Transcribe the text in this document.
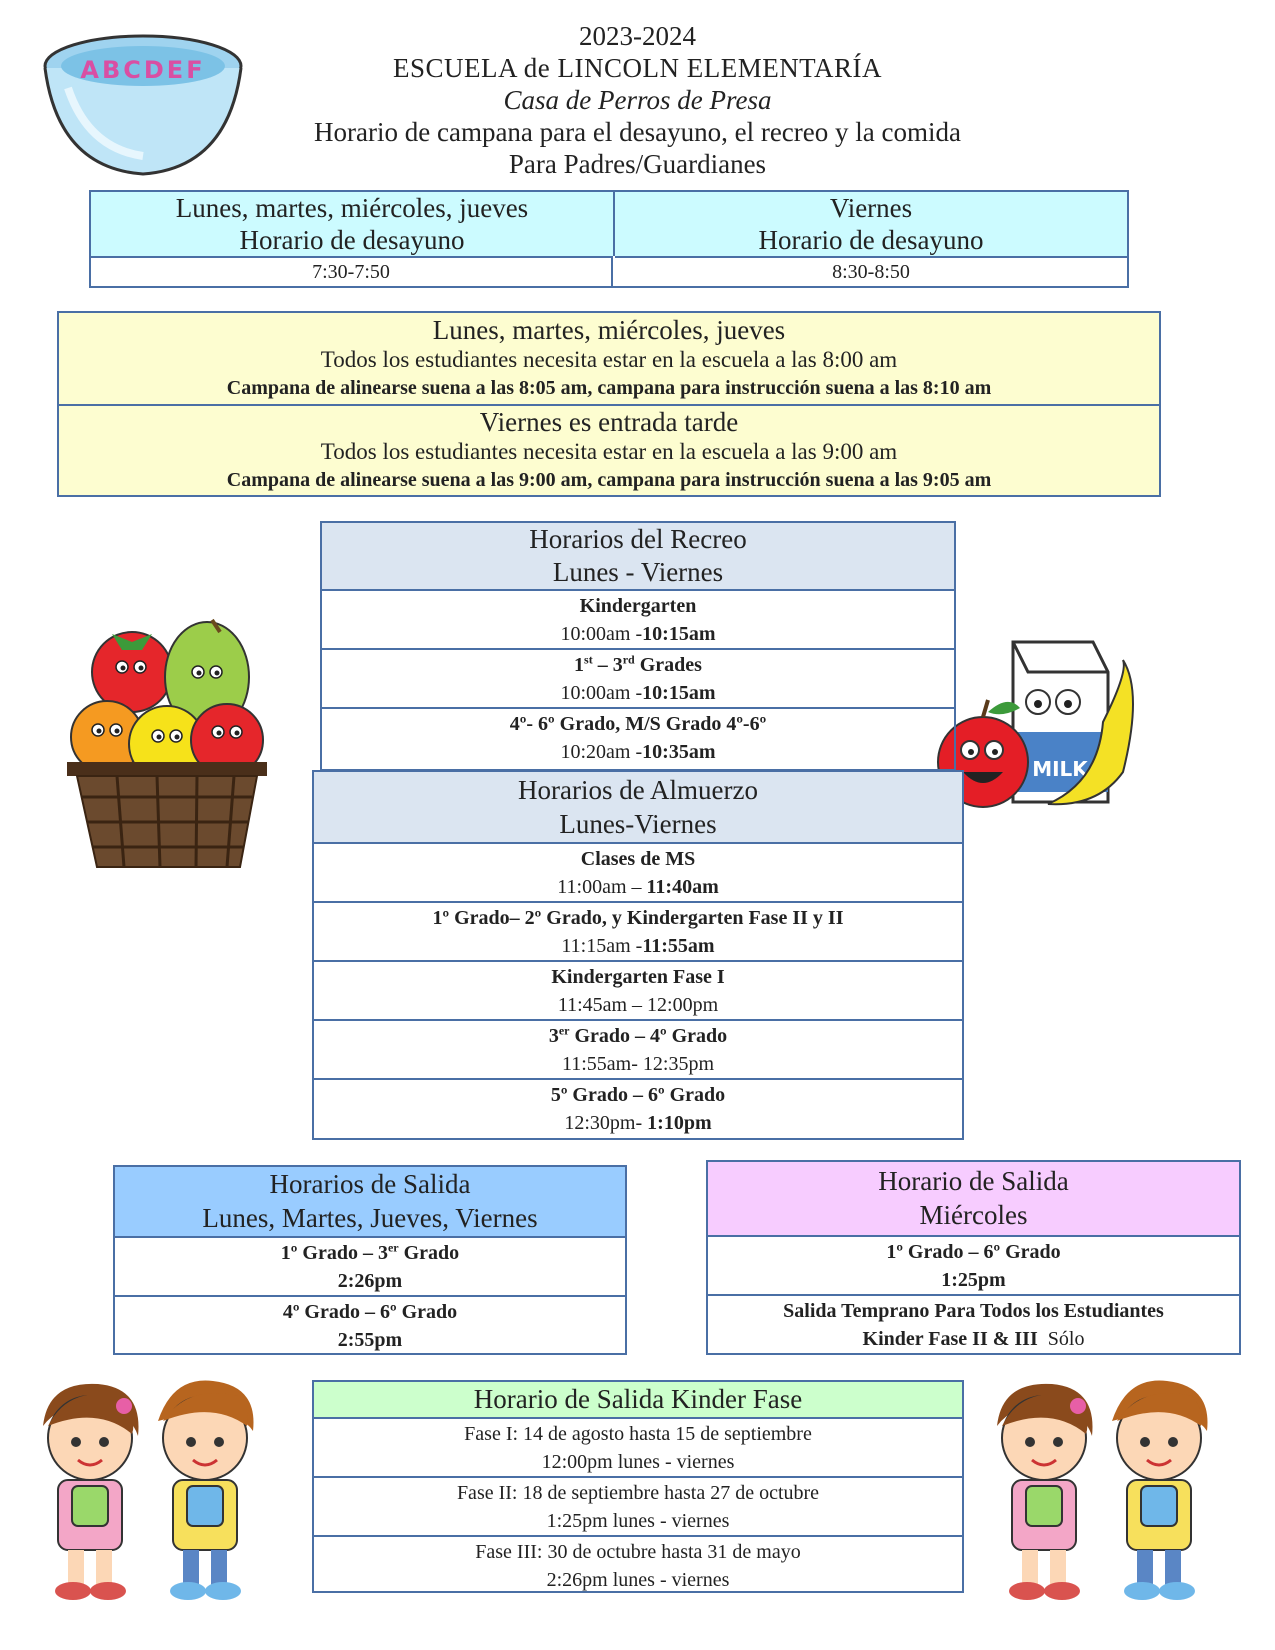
2023-2024
ESCUELA de LINCOLN ELEMENTARÍA
Casa de Perros de Presa
Horario de campana para el desayuno, el recreo y la comida
Para Padres/Guardianes
ABCDEF
Lunes, martes, miércoles, jueves
Horario de desayuno
Viernes
Horario de desayuno
7:30-7:50	8:30-8:50
Lunes, martes, miércoles, jueves
Todos los estudiantes necesita estar en la escuela a las 8:00 am
Campana de alinearse suena a las 8:05 am, campana para instrucción suena a las 8:10 am
Viernes es entrada tarde
Todos los estudiantes necesita estar en la escuela a las 9:00 am
Campana de alinearse suena a las 9:00 am, campana para instrucción suena a las 9:05 am
MILK
Horarios del Recreo
Lunes - Viernes
Kindergarten
10:00am -10:15am
1st – 3rd Grades
10:00am -10:15am
4º- 6º Grado, M/S Grado 4º-6º
10:20am -10:35am
Horarios de Almuerzo
Lunes-Viernes
Clases de MS
11:00am – 11:40am
1º Grado– 2º Grado, y Kindergarten Fase II y II
11:15am -11:55am
Kindergarten Fase I
11:45am – 12:00pm
3er Grado – 4º Grado
11:55am- 12:35pm
5º Grado – 6º Grado
12:30pm- 1:10pm
Horarios de Salida
Lunes, Martes, Jueves, Viernes
1º Grado – 3er Grado
2:26pm
4º Grado – 6º Grado
2:55pm
Horario de Salida
Miércoles
1º Grado – 6º Grado
1:25pm
Salida Temprano Para Todos los Estudiantes
Kinder Fase II & III Sólo
Horario de Salida Kinder Fase
Fase I: 14 de agosto hasta 15 de septiembre
12:00pm lunes - viernes
Fase II: 18 de septiembre hasta 27 de octubre
1:25pm lunes - viernes
Fase III: 30 de octubre hasta 31 de mayo
2:26pm lunes - viernes
